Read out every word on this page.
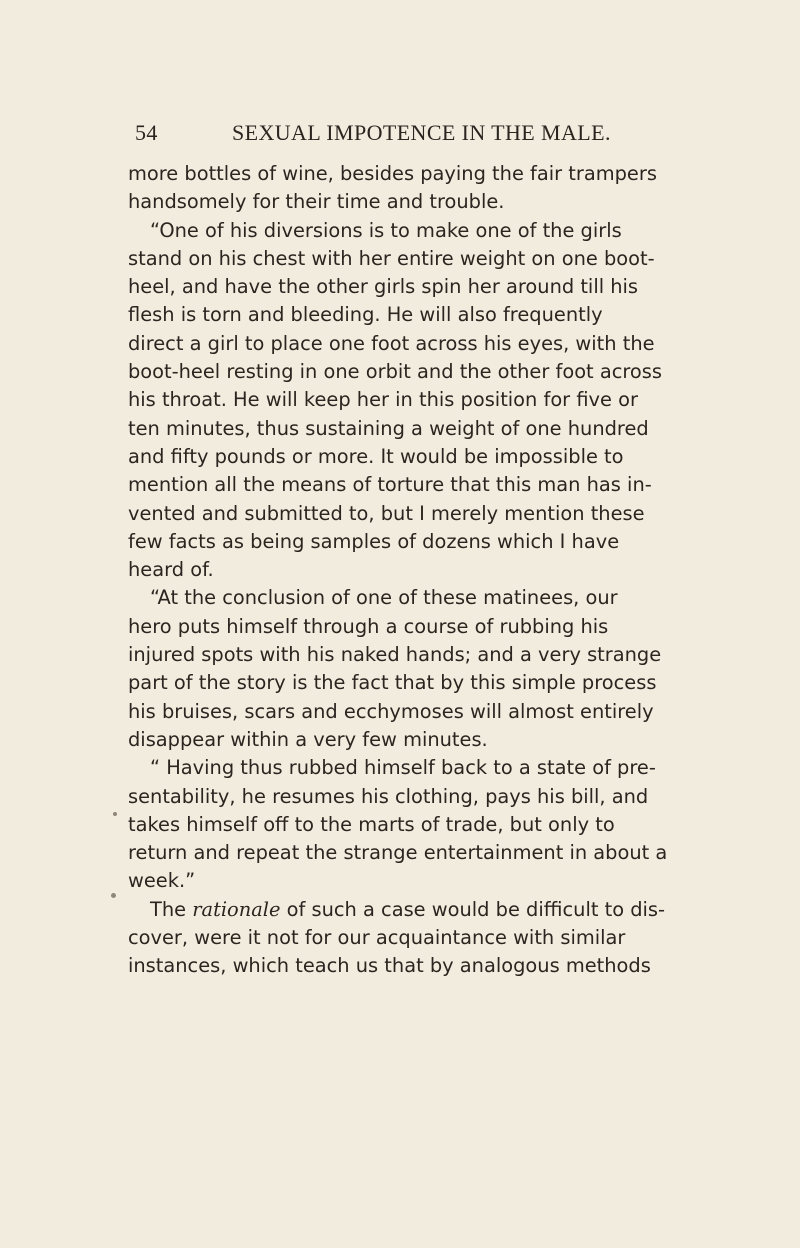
54	SEXUAL IMPOTENCE IN THE MALE.
more bottles of wine, besides paying the fair trampers
handsomely for their time and trouble.
“One of his diversions is to make one of the girls
stand on his chest with her entire weight on one boot-
heel, and have the other girls spin her around till his
flesh is torn and bleeding. He will also frequently
direct a girl to place one foot across his eyes, with the
boot-heel resting in one orbit and the other foot across
his throat. He will keep her in this position for five or
ten minutes, thus sustaining a weight of one hundred
and fifty pounds or more. It would be impossible to
mention all the means of torture that this man has in-
vented and submitted to, but I merely mention these
few facts as being samples of dozens which I have
heard of.
“At the conclusion of one of these matinees, our
hero puts himself through a course of rubbing his
injured spots with his naked hands; and a very strange
part of the story is the fact that by this simple process
his bruises, scars and ecchymoses will almost entirely
disappear within a very few minutes.
“ Having thus rubbed himself back to a state of pre-
sentability, he resumes his clothing, pays his bill, and
takes himself off to the marts of trade, but only to
return and repeat the strange entertainment in about a
week.”
The rationale of such a case would be difficult to dis-
cover, were it not for our acquaintance with similar
instances, which teach us that by analogous methods
